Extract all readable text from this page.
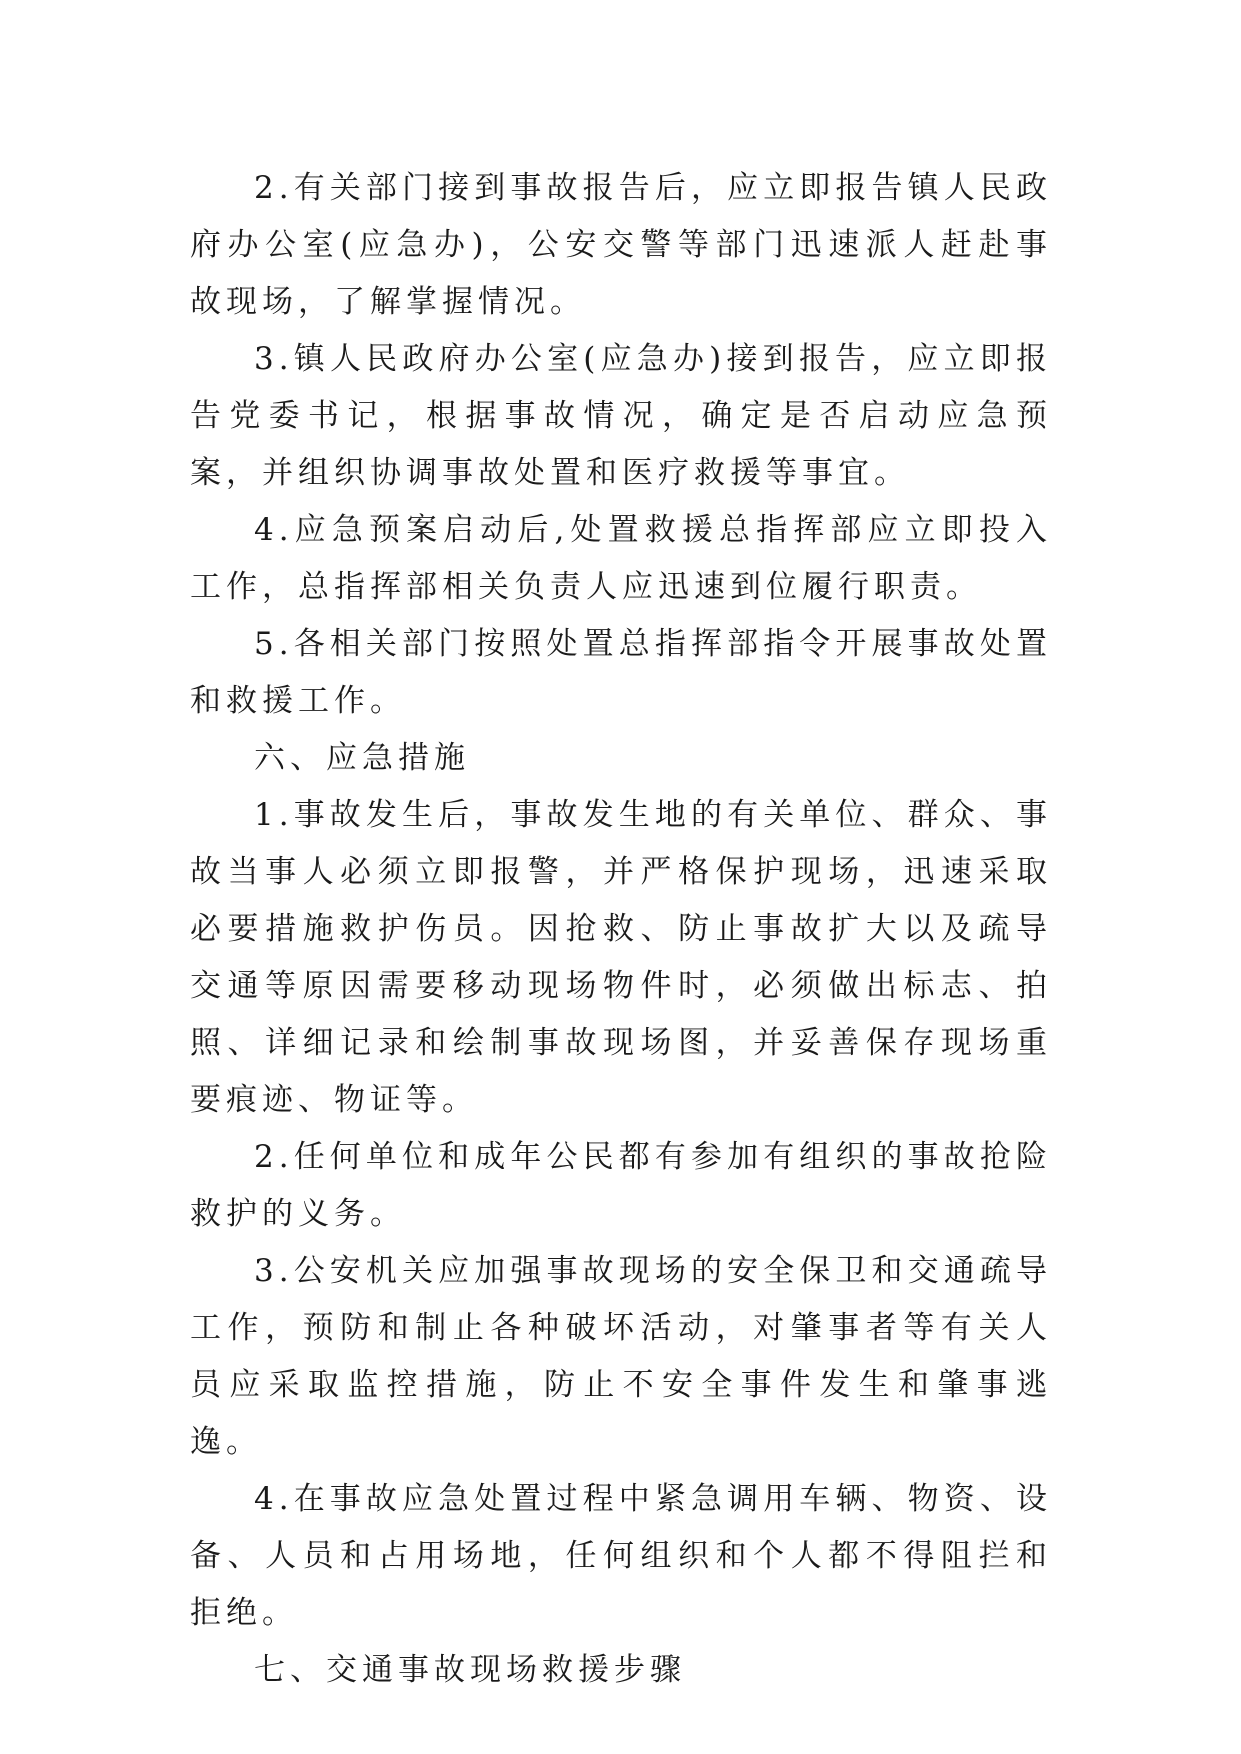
2.有关部门接到事故报告后，应立即报告镇人民政府办公室(应急办)，公安交警等部门迅速派人赶赴事故现场，了解掌握情况。

3.镇人民政府办公室(应急办)接到报告，应立即报告党委书记，根据事故情况，确定是否启动应急预案，并组织协调事故处置和医疗救援等事宜。

4.应急预案启动后,处置救援总指挥部应立即投入工作，总指挥部相关负责人应迅速到位履行职责。

5.各相关部门按照处置总指挥部指令开展事故处置和救援工作。

六、应急措施

1.事故发生后，事故发生地的有关单位、群众、事故当事人必须立即报警，并严格保护现场，迅速采取必要措施救护伤员。因抢救、防止事故扩大以及疏导交通等原因需要移动现场物件时，必须做出标志、拍照、详细记录和绘制事故现场图，并妥善保存现场重要痕迹、物证等。

2.任何单位和成年公民都有参加有组织的事故抢险救护的义务。

3.公安机关应加强事故现场的安全保卫和交通疏导工作，预防和制止各种破坏活动，对肇事者等有关人员应采取监控措施，防止不安全事件发生和肇事逃逸。

4.在事故应急处置过程中紧急调用车辆、物资、设备、人员和占用场地，任何组织和个人都不得阻拦和拒绝。

七、交通事故现场救援步骤
